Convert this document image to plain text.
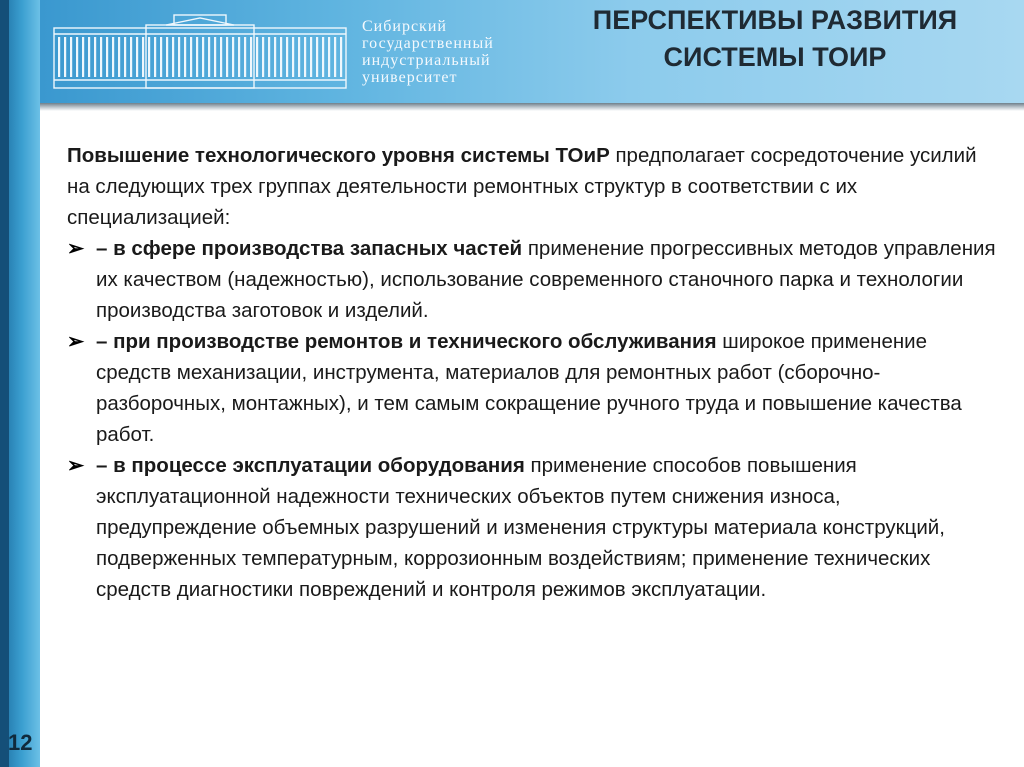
Сибирский
государственный
индустриальный
университет
ПЕРСПЕКТИВЫ РАЗВИТИЯ
СИСТЕМЫ ТОИР

Повышение технологического уровня системы ТОиР предполагает сосредоточение усилий на следующих трех группах деятельности ремонтных структур в соответствии с их специализацией:

➢ – в сфере производства запасных частей применение прогрессивных методов управления их качеством (надежностью), использование современного станочного парка и технологии производства заготовок и изделий.

➢ – при производстве ремонтов и технического обслуживания широкое применение средств механизации, инструмента, материалов для ремонтных работ (сборочно-разборочных, монтажных), и тем самым сокращение ручного труда и повышение качества работ.

➢ – в процессе эксплуатации оборудования применение способов повышения эксплуатационной надежности технических объектов путем снижения износа, предупреждение объемных разрушений и изменения структуры материала конструкций, подверженных температурным, коррозионным воздействиям; применение технических средств диагностики повреждений и контроля режимов эксплуатации.

12
